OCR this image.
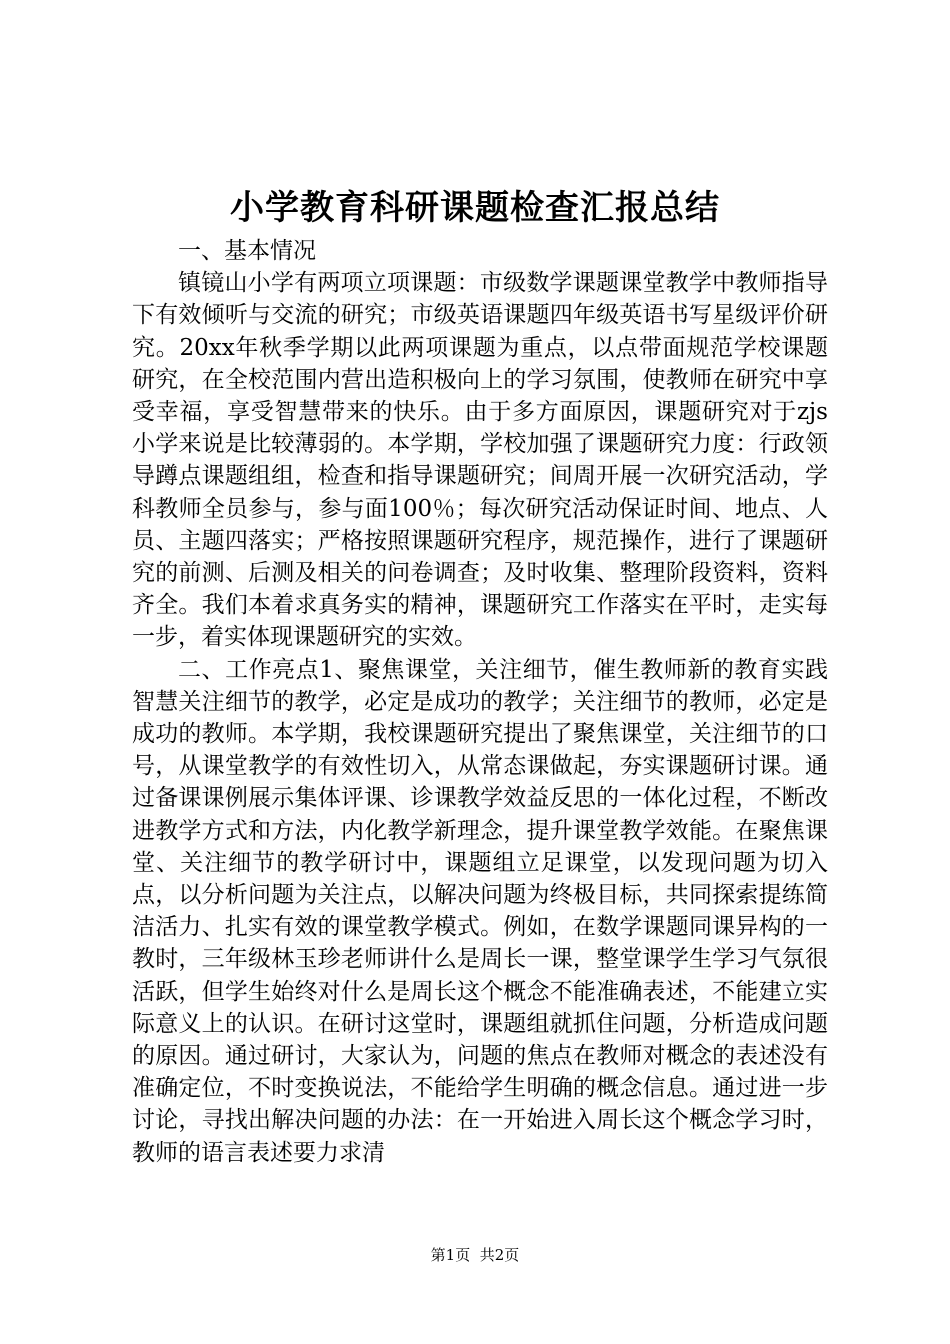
小学教育科研课题检查汇报总结

一、基本情况

镇镜山小学有两项立项课题：市级数学课题课堂教学中教师指导下有效倾听与交流的研究；市级英语课题四年级英语书写星级评价研究。20xx年秋季学期以此两项课题为重点，以点带面规范学校课题研究，在全校范围内营出造积极向上的学习氛围，使教师在研究中享受幸福，享受智慧带来的快乐。由于多方面原因，课题研究对于zjs小学来说是比较薄弱的。本学期，学校加强了课题研究力度：行政领导蹲点课题组组，检查和指导课题研究；间周开展一次研究活动，学科教师全员参与，参与面100％；每次研究活动保证时间、地点、人员、主题四落实；严格按照课题研究程序，规范操作，进行了课题研究的前测、后测及相关的问卷调查；及时收集、整理阶段资料，资料齐全。我们本着求真务实的精神，课题研究工作落实在平时，走实每一步，着实体现课题研究的实效。

二、工作亮点1、聚焦课堂，关注细节，催生教师新的教育实践智慧关注细节的教学，必定是成功的教学；关注细节的教师，必定是成功的教师。本学期，我校课题研究提出了聚焦课堂，关注细节的口号，从课堂教学的有效性切入，从常态课做起，夯实课题研讨课。通过备课课例展示集体评课、诊课教学效益反思的一体化过程，不断改进教学方式和方法，内化教学新理念，提升课堂教学效能。在聚焦课堂、关注细节的教学研讨中，课题组立足课堂，以发现问题为切入点，以分析问题为关注点，以解决问题为终极目标，共同探索提练简洁活力、扎实有效的课堂教学模式。例如，在数学课题同课异构的一教时，三年级林玉珍老师讲什么是周长一课，整堂课学生学习气氛很活跃，但学生始终对什么是周长这个概念不能准确表述，不能建立实际意义上的认识。在研讨这堂时，课题组就抓住问题，分析造成问题的原因。通过研讨，大家认为，问题的焦点在教师对概念的表述没有准确定位，不时变换说法，不能给学生明确的概念信息。通过进一步讨论，寻找出解决问题的办法：在一开始进入周长这个概念学习时，教师的语言表述要力求清

第1页 共2页
